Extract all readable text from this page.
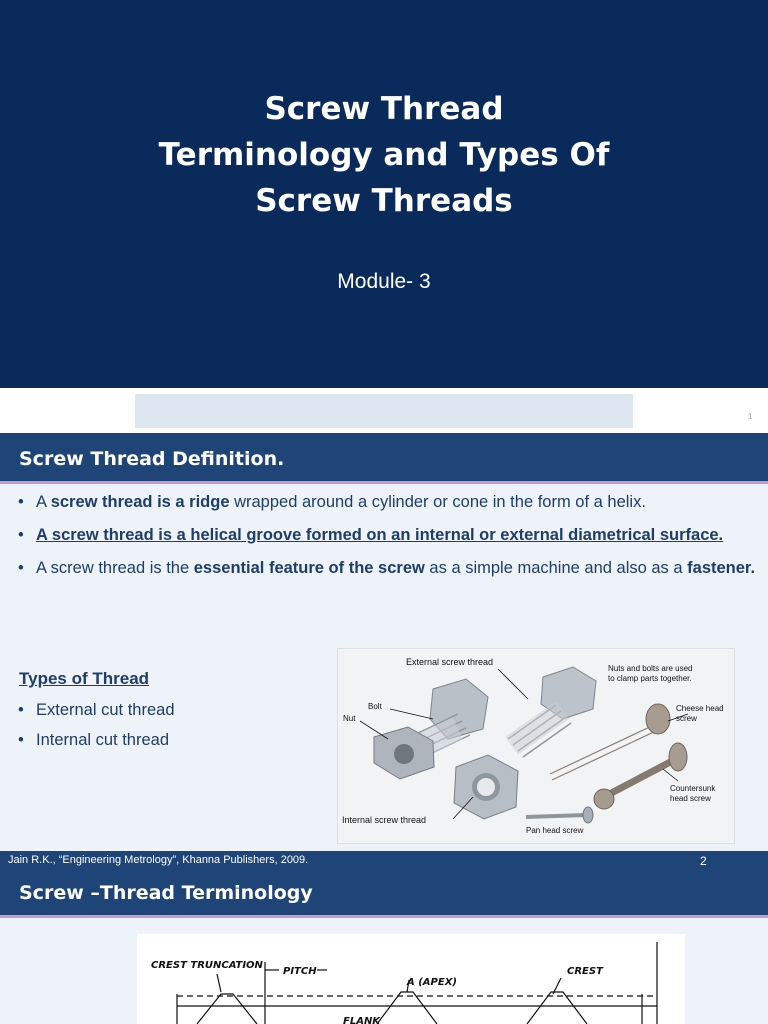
Screw Thread
Terminology and Types Of
Screw Threads
Module- 3
1
Screw Thread Definition.
• A screw thread is a ridge wrapped around a cylinder or cone in the form of a helix.
• A screw thread is a helical groove formed on an internal or external diametrical surface.
• A screw thread is the essential feature of the screw as a simple machine and also as a fastener.
Types of Thread
• External cut thread
• Internal cut thread
External screw thread
Nuts and bolts are used
to clamp parts together.
Bolt
Nut
Cheese head
screw
Countersunk
head screw
Internal screw thread
Pan head screw
Jain R.K., “Engineering Metrology”, Khanna Publishers, 2009.	2
Screw –Thread Terminology
CREST TRUNCATION
PITCH
A (APEX)
CREST
FLANK
